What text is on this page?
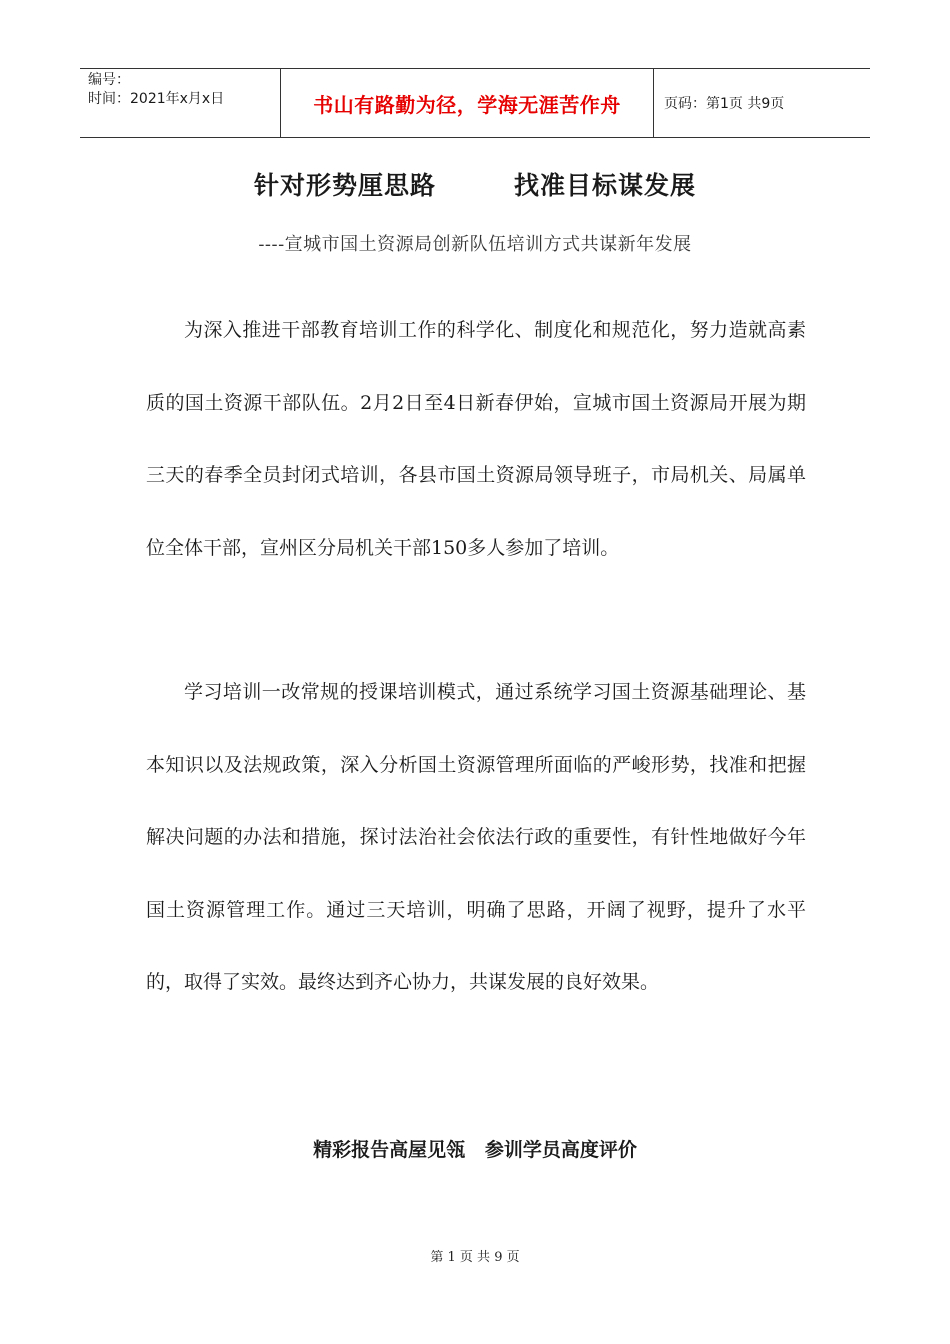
编号：
时间：2021年x月x日	书山有路勤为径，学海无涯苦作舟	页码：第1页 共9页
针对形势厘思路	找准目标谋发展
----宣城市国土资源局创新队伍培训方式共谋新年发展

为深入推进干部教育培训工作的科学化、制度化和规范化，努力造就高素质的国土资源干部队伍。2月2日至4日新春伊始，宣城市国土资源局开展为期三天的春季全员封闭式培训，各县市国土资源局领导班子，市局机关、局属单位全体干部，宣州区分局机关干部150多人参加了培训。

学习培训一改常规的授课培训模式，通过系统学习国土资源基础理论、基本知识以及法规政策，深入分析国土资源管理所面临的严峻形势，找准和把握解决问题的办法和措施，探讨法治社会依法行政的重要性，有针性地做好今年国土资源管理工作。通过三天培训，明确了思路，开阔了视野，提升了水平的，取得了实效。最终达到齐心协力，共谋发展的良好效果。

精彩报告高屋见瓴   参训学员高度评价
第 1 页 共 9 页
